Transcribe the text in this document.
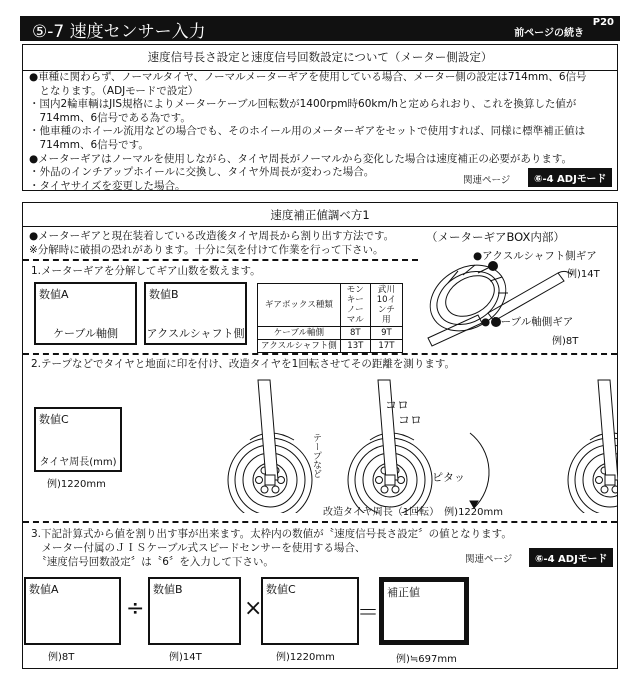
⑤-7 速度センサー入力	前ページの続き
P20
速度信号長さ設定と速度信号回数設定について（メーター側設定）
●車種に関わらず、ノーマルタイヤ、ノーマルメーターギアを使用している場合、メーター側の設定は714mm、6信号
　となります。（ADJモードで設定）
・国内2輪車輌はJIS規格によりメーターケーブル回転数が1400rpm時60km/hと定められおり、これを換算した値が
　714mm、6信号である為です。
・他車種のホイール流用などの場合でも、そのホイール用のメーターギアをセットで使用すれば、同様に標準補正値は
　714mm、6信号です。
●メーターギアはノーマルを使用しながら、タイヤ周長がノーマルから変化した場合は速度補正の必要があります。
・外品のインチアップホイールに交換し、タイヤ外周長が変わった場合。
・タイヤサイズを変更した場合。	関連ページ	⑥-4 ADJモード
速度補正値調べ方1
●メーターギアと現在装着している改造後タイヤ周長から割り出す方法です。
※分解時に破損の恐れがあります。十分に気を付けて作業を行って下さい。
1.メーターギアを分解してギア山数を数えます。
数値A
ケーブル軸側
数値B
アクスルシャフト側
ギアボックス種類	モンキー ノーマル	武川 10インチ用
ケーブル軸側	8T	9T
アクスルシャフト側	13T	17T
（メーターギアBOX内部）
●アクスルシャフト側ギア
例)14T
●ケーブル軸側ギア
例)8T
2.テープなどでタイヤと地面に印を付け、改造タイヤを1回転させてその距離を測ります。
数値C
タイヤ周長(mm)
例)1220mm
コロ
コロ
テープなど	ピタッ
改造タイヤ周長（1回転）　例)1220mm
3.下記計算式から値を割り出す事が出来ます。太枠内の数値が〝速度信号長さ設定〞の値となります。
　メーター付属のＪＩＳケーブル式スピードセンサーを使用する場合、
　〝速度信号回数設定〞は〝6〞を入力して下さい。	関連ページ	⑥-4 ADJモード
数値A	数値B	数値C	補正値
÷	×	＝
例)8T	例)14T	例)1220mm	例)≒697mm
